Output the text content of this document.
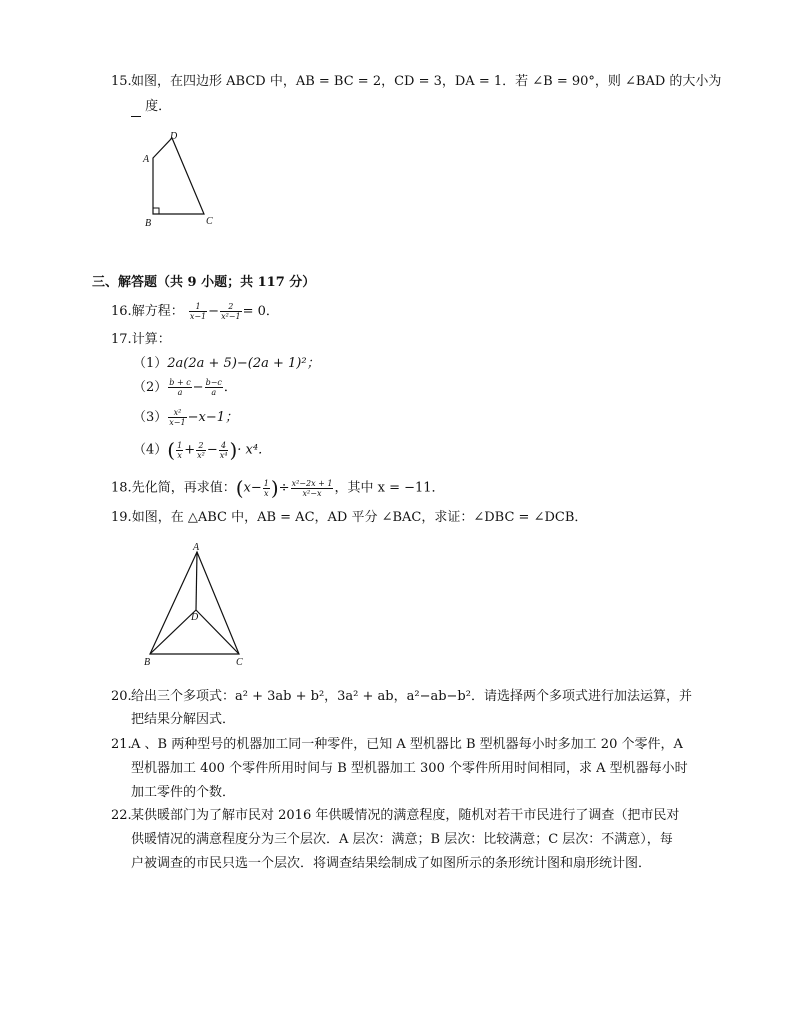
15. 如图，在四边形 ABCD 中，AB = BC = 2，CD = 3，DA = 1．若 ∠B = 90°，则 ∠BAD 的大小为
度．
A
D
B	C
三、解答题（共 9 小题；共 117 分）
16.解方程： $\frac{1}{x-1} - \frac{2}{\text{x²−1}} = 0$．
17.计算：
（1）2a(2a + 5)−(2a + 1)²；
$(2) \frac{b + c}{a} - \frac{b-c}{a}$ ．
$(3) \frac{\text{x²}}{x-1} -x-1$；
$(4)( \frac{1}{x} + \frac{2}{\text{x²}} - \frac{4}{\text{x⁴}}$ )· x⁴．
18.先化简，再求值：($x- \frac{1}{x}$ )÷ $\frac{\text{x²−2x + 1}}{\text{x²−x}}$ ，其中 x = −11．
19.如图，在 △ABC 中，AB = AC，AD 平分 ∠BAC，求证：∠DBC = ∠DCB．
A
D
B	C
20. 给出三个多项式：a² + 3ab + b²，3a² + ab，a²−ab−b²．请选择两个多项式进行加法运算，并
把结果分解因式．
21. A 、B 两种型号的机器加工同一种零件，已知 A 型机器比 B 型机器每小时多加工 20 个零件，A
型机器加工 400 个零件所用时间与 B 型机器加工 300 个零件所用时间相同，求 A 型机器每小时
加工零件的个数．
22. 某供暖部门为了解市民对 2016 年供暖情况的满意程度，随机对若干市民进行了调查（把市民对
供暖情况的满意程度分为三个层次．A 层次：满意；B 层次：比较满意；C 层次：不满意），每
户被调查的市民只选一个层次．将调查结果绘制成了如图所示的条形统计图和扇形统计图．
